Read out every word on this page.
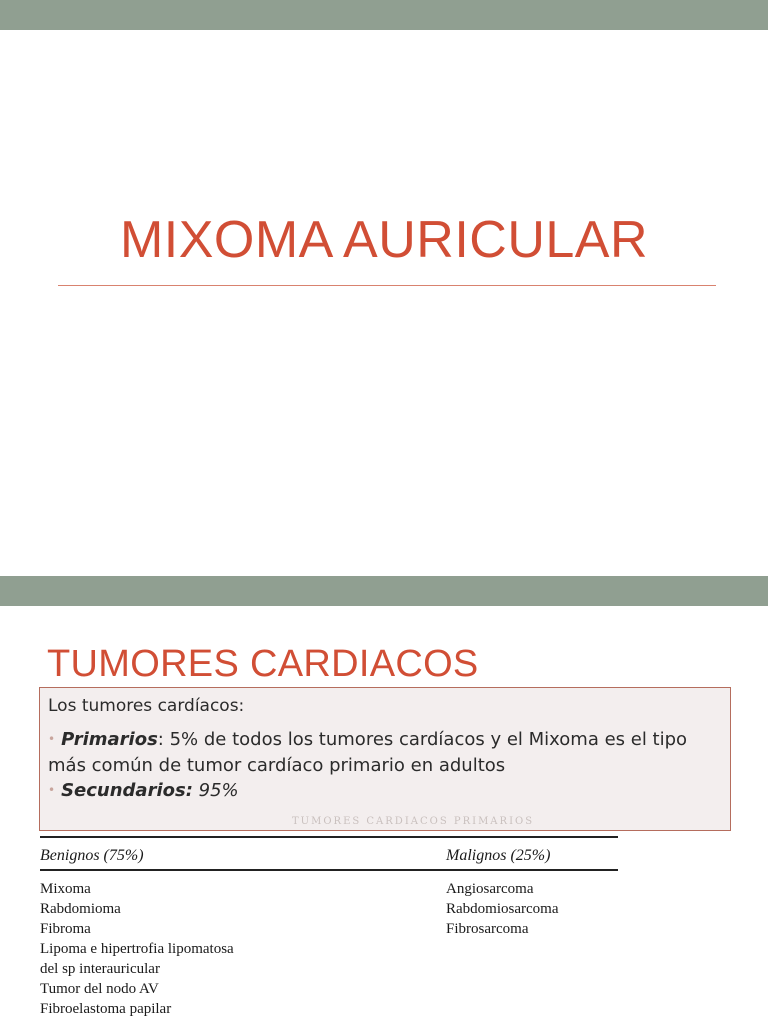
MIXOMA AURICULAR
TUMORES CARDIACOS
Los tumores cardíacos:
• Primarios: 5% de todos los tumores cardíacos y el Mixoma es el tipo más común de tumor cardíaco primario en adultos
• Secundarios: 95%
TUMORES CARDIACOS PRIMARIOS
Benignos (75%)	Malignos (25%)
Mixoma
Rabdomioma
Fibroma
Lipoma e hipertrofia lipomatosa
del sp interauricular
Tumor del nodo AV
Fibroelastoma papilar
Angiosarcoma
Rabdomiosarcoma
Fibrosarcoma
